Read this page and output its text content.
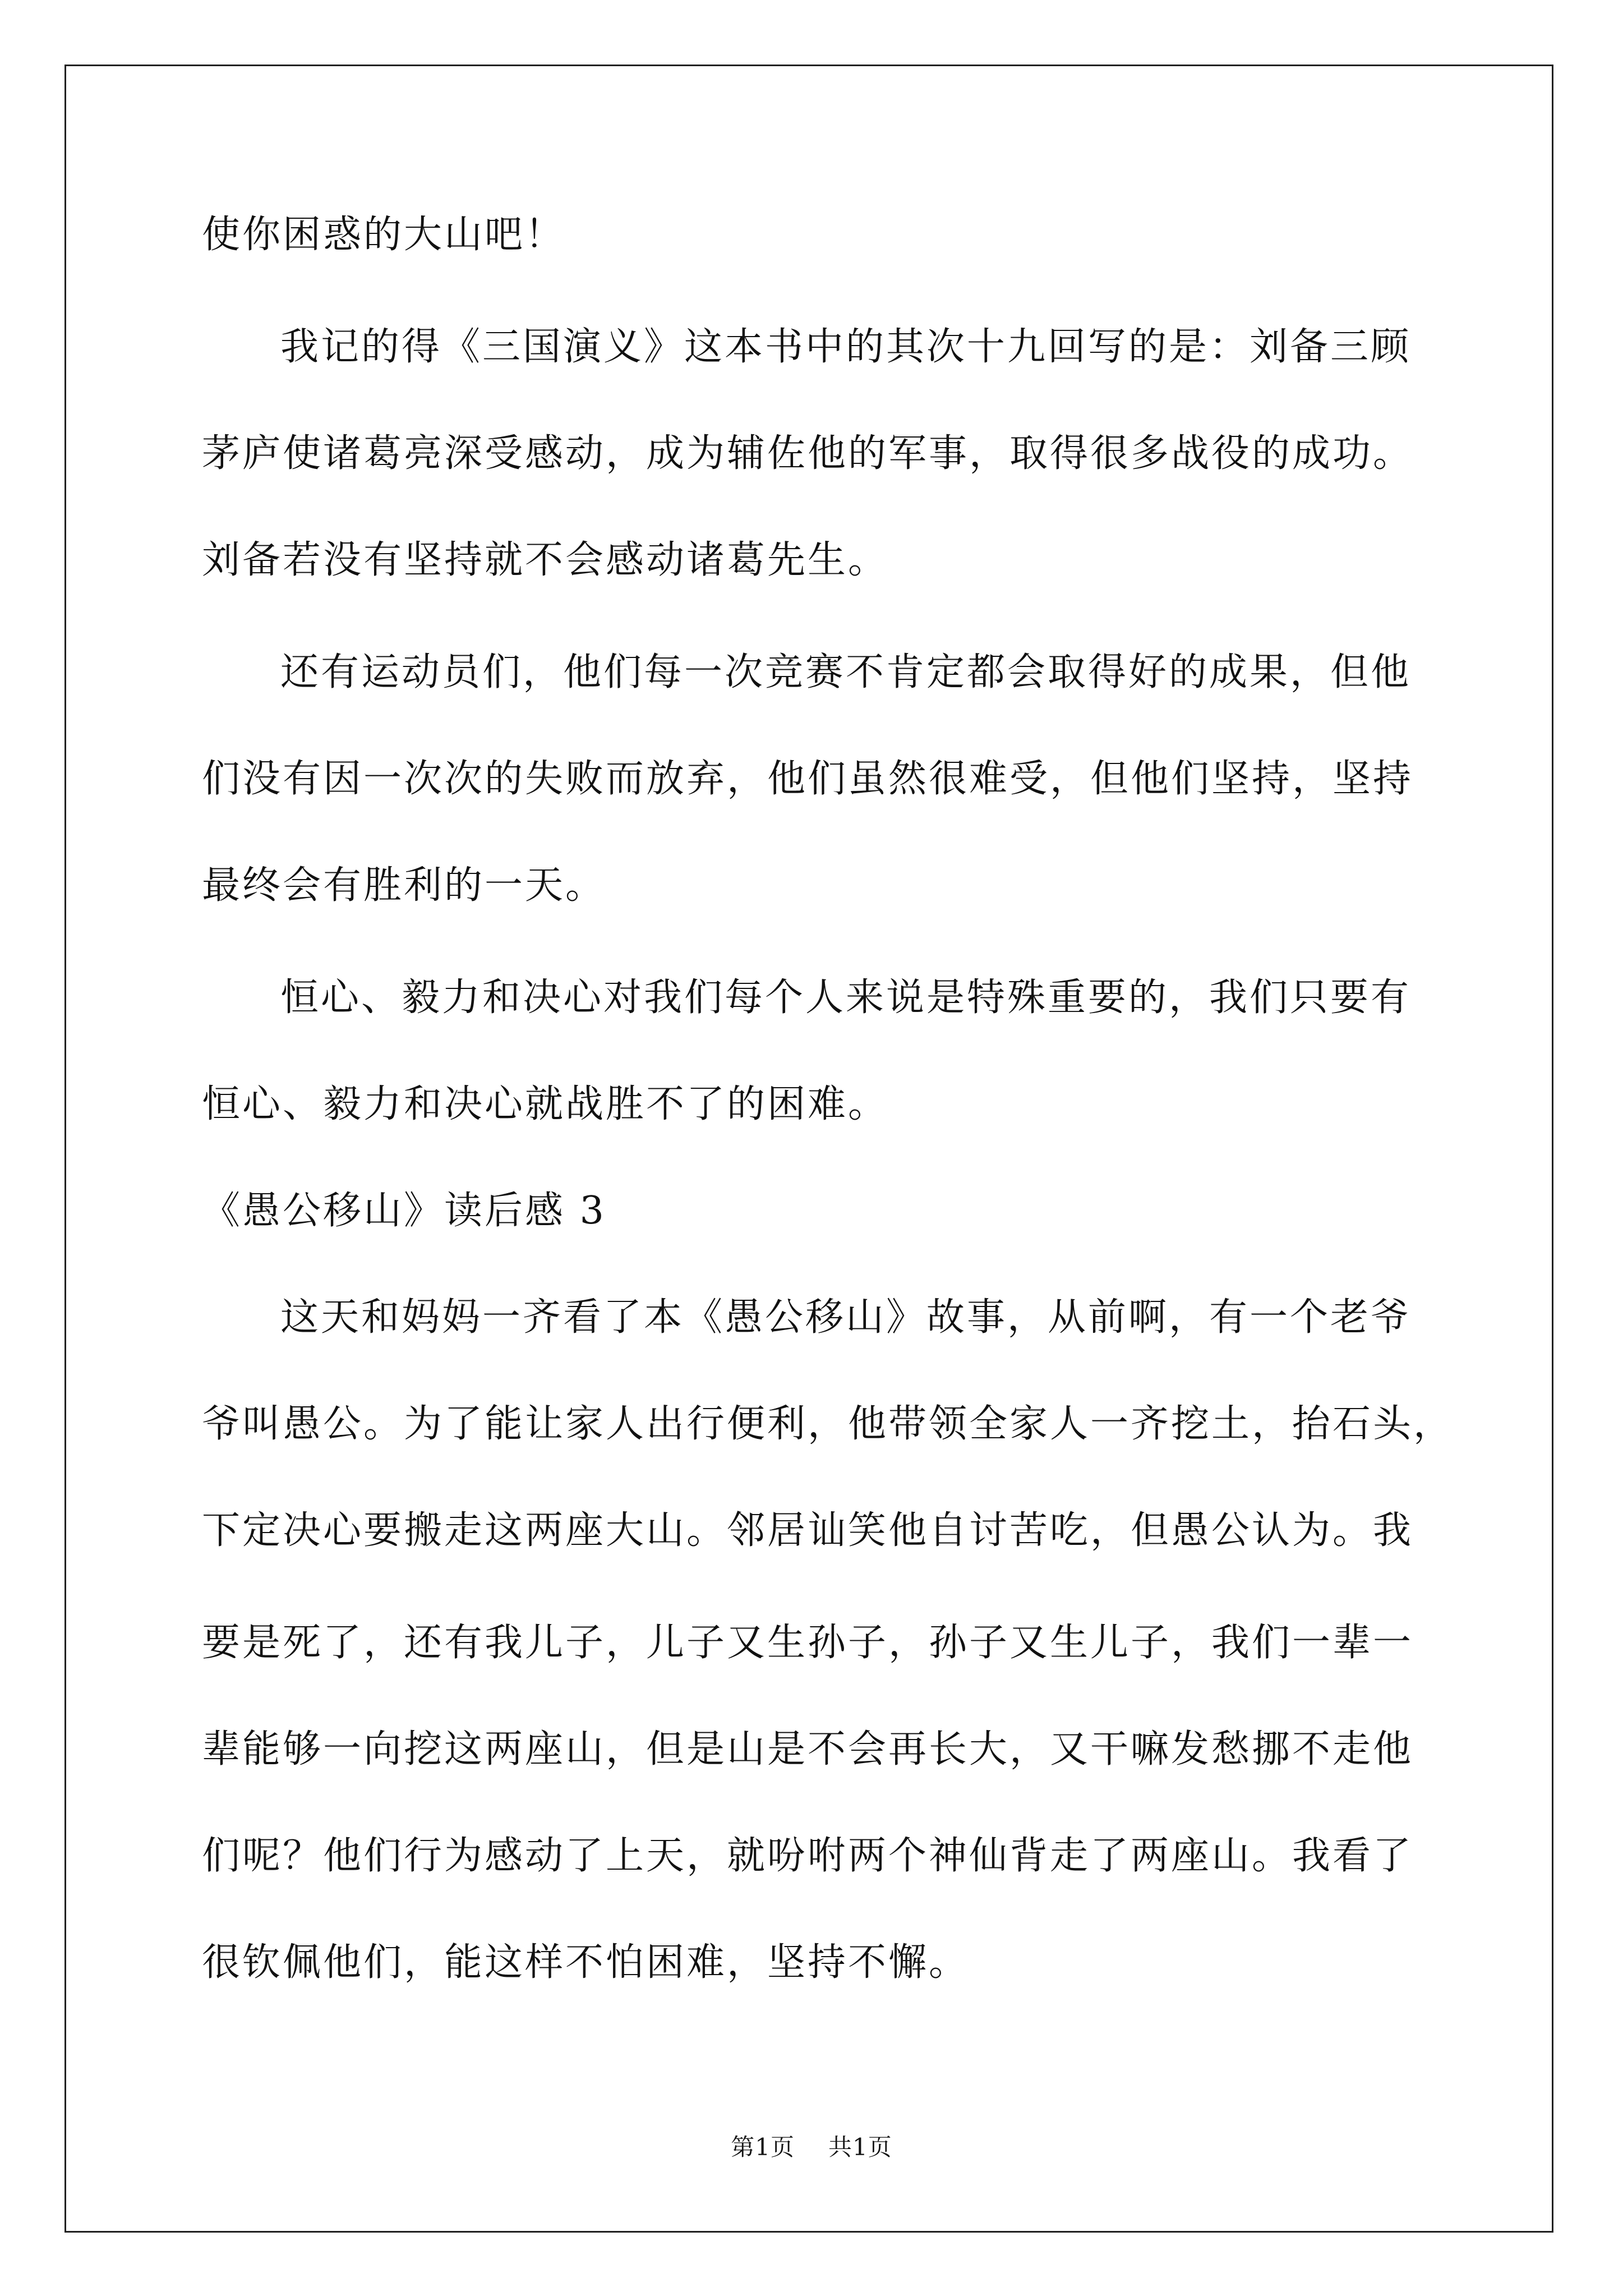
使你困惑的大山吧！
我记的得《三国演义》这本书中的其次十九回写的是：刘备三顾
茅庐使诸葛亮深受感动，成为辅佐他的军事，取得很多战役的成功。
刘备若没有坚持就不会感动诸葛先生。
还有运动员们，他们每一次竞赛不肯定都会取得好的成果，但他
们没有因一次次的失败而放弃，他们虽然很难受，但他们坚持，坚持
最终会有胜利的一天。
恒心、毅力和决心对我们每个人来说是特殊重要的，我们只要有
恒心、毅力和决心就战胜不了的困难。
《愚公移山》读后感 3
这天和妈妈一齐看了本《愚公移山》故事，从前啊，有一个老爷
爷叫愚公。为了能让家人出行便利，他带领全家人一齐挖土，抬石头，
下定决心要搬走这两座大山。邻居讪笑他自讨苦吃，但愚公认为。我
要是死了，还有我儿子，儿子又生孙子，孙子又生儿子，我们一辈一
辈能够一向挖这两座山，但是山是不会再长大，又干嘛发愁挪不走他
们呢？他们行为感动了上天，就吩咐两个神仙背走了两座山。我看了
很钦佩他们，能这样不怕困难，坚持不懈。
第1页 共1页
